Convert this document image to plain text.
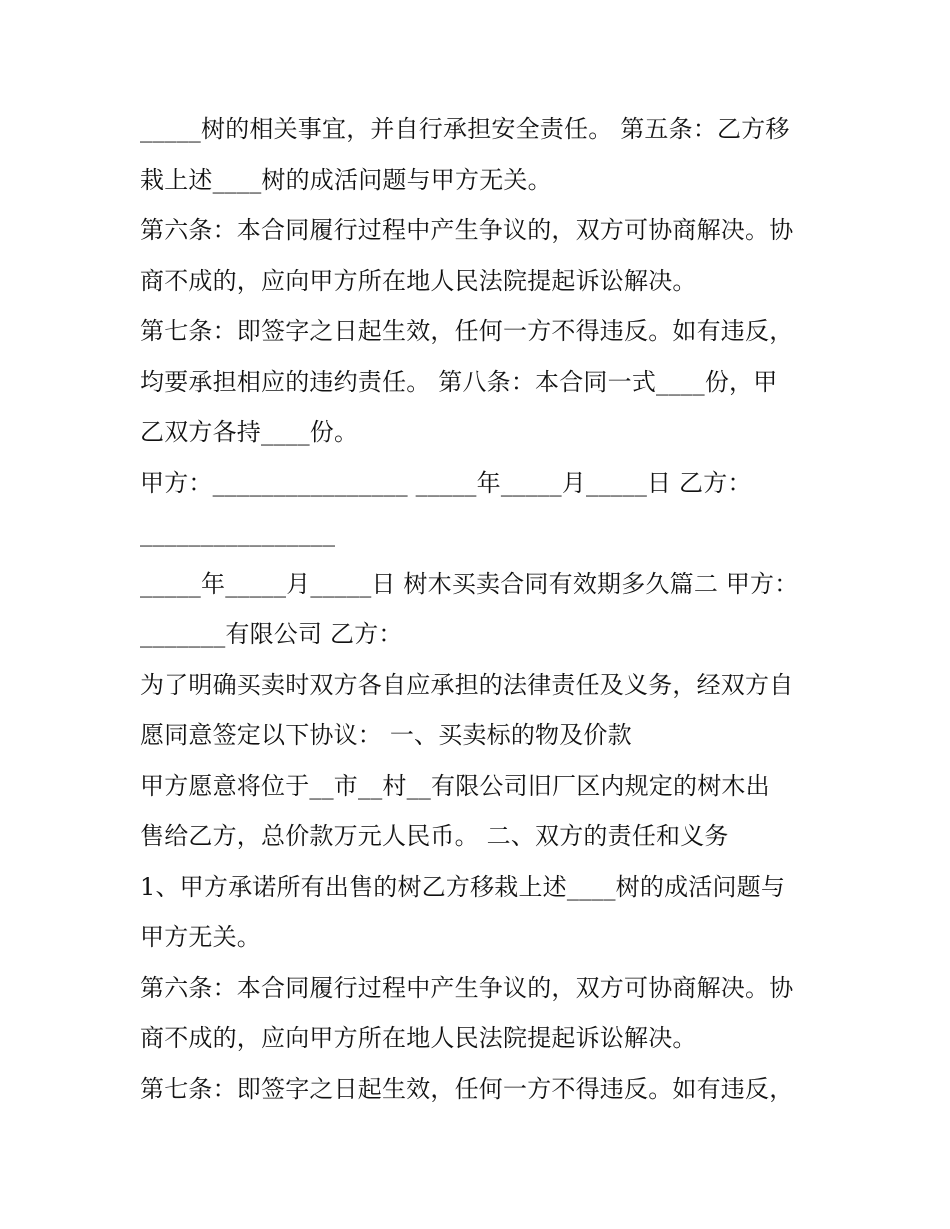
_____树的相关事宜，并自行承担安全责任。 第五条：乙方移
栽上述____树的成活问题与甲方无关。
第六条：本合同履行过程中产生争议的，双方可协商解决。协
商不成的，应向甲方所在地人民法院提起诉讼解决。
第七条：即签字之日起生效，任何一方不得违反。如有违反，
均要承担相应的违约责任。 第八条：本合同一式____份，甲
乙双方各持____份。
甲方：________________ _____年_____月_____日 乙方：
________________
_____年_____月_____日 树木买卖合同有效期多久篇二 甲方：
_______有限公司 乙方：
为了明确买卖时双方各自应承担的法律责任及义务，经双方自
愿同意签定以下协议： 一、买卖标的物及价款
甲方愿意将位于__市__村__有限公司旧厂区内规定的树木出
售给乙方，总价款万元人民币。 二、双方的责任和义务
1、甲方承诺所有出售的树乙方移栽上述____树的成活问题与
甲方无关。
第六条：本合同履行过程中产生争议的，双方可协商解决。协
商不成的，应向甲方所在地人民法院提起诉讼解决。
第七条：即签字之日起生效，任何一方不得违反。如有违反，
